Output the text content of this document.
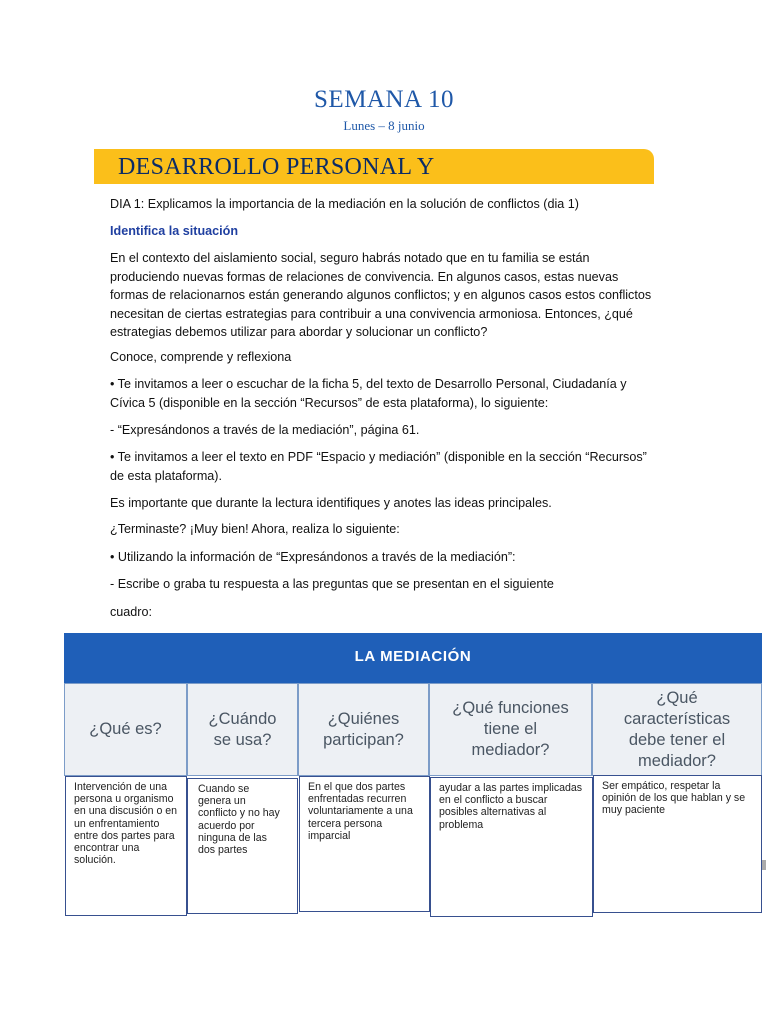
SEMANA 10
Lunes – 8 junio
DESARROLLO PERSONAL Y
DIA 1: Explicamos la importancia de la mediación en la solución de conflictos (dia 1)
Identifica la situación
En el contexto del aislamiento social, seguro habrás notado que en tu familia se están produciendo nuevas formas de relaciones de convivencia. En algunos casos, estas nuevas formas de relacionarnos están generando algunos conflictos; y en algunos casos estos conflictos necesitan de ciertas estrategias para contribuir a una convivencia armoniosa. Entonces, ¿qué estrategias debemos utilizar para abordar y solucionar un conflicto?
Conoce, comprende y reflexiona
• Te invitamos a leer o escuchar de la ficha 5, del texto de Desarrollo Personal, Ciudadanía y Cívica 5 (disponible en la sección “Recursos” de esta plataforma), lo siguiente:
- “Expresándonos a través de la mediación”, página 61.
• Te invitamos a leer el texto en PDF “Espacio y mediación” (disponible en la sección “Recursos” de esta plataforma).
Es importante que durante la lectura identifiques y anotes las ideas principales.
¿Terminaste? ¡Muy bien! Ahora, realiza lo siguiente:
• Utilizando la información de “Expresándonos a través de la mediación”:
- Escribe o graba tu respuesta a las preguntas que se presentan en el siguiente
cuadro:
LA MEDIACIÓN
¿Qué es?
¿Cuándo se usa?
¿Quiénes participan?
¿Qué funciones tiene el mediador?
¿Qué características debe tener el mediador?
Intervención de una persona u organismo en una discusión o en un enfrentamiento entre dos partes para encontrar una solución.
Cuando se genera un conflicto y no hay acuerdo por ninguna de las dos partes
En el que dos partes enfrentadas recurren voluntariamente a una tercera persona imparcial
ayudar a las partes implicadas en el conflicto a buscar posibles alternativas al problema
Ser empático, respetar la opinión de los que hablan y se muy paciente
